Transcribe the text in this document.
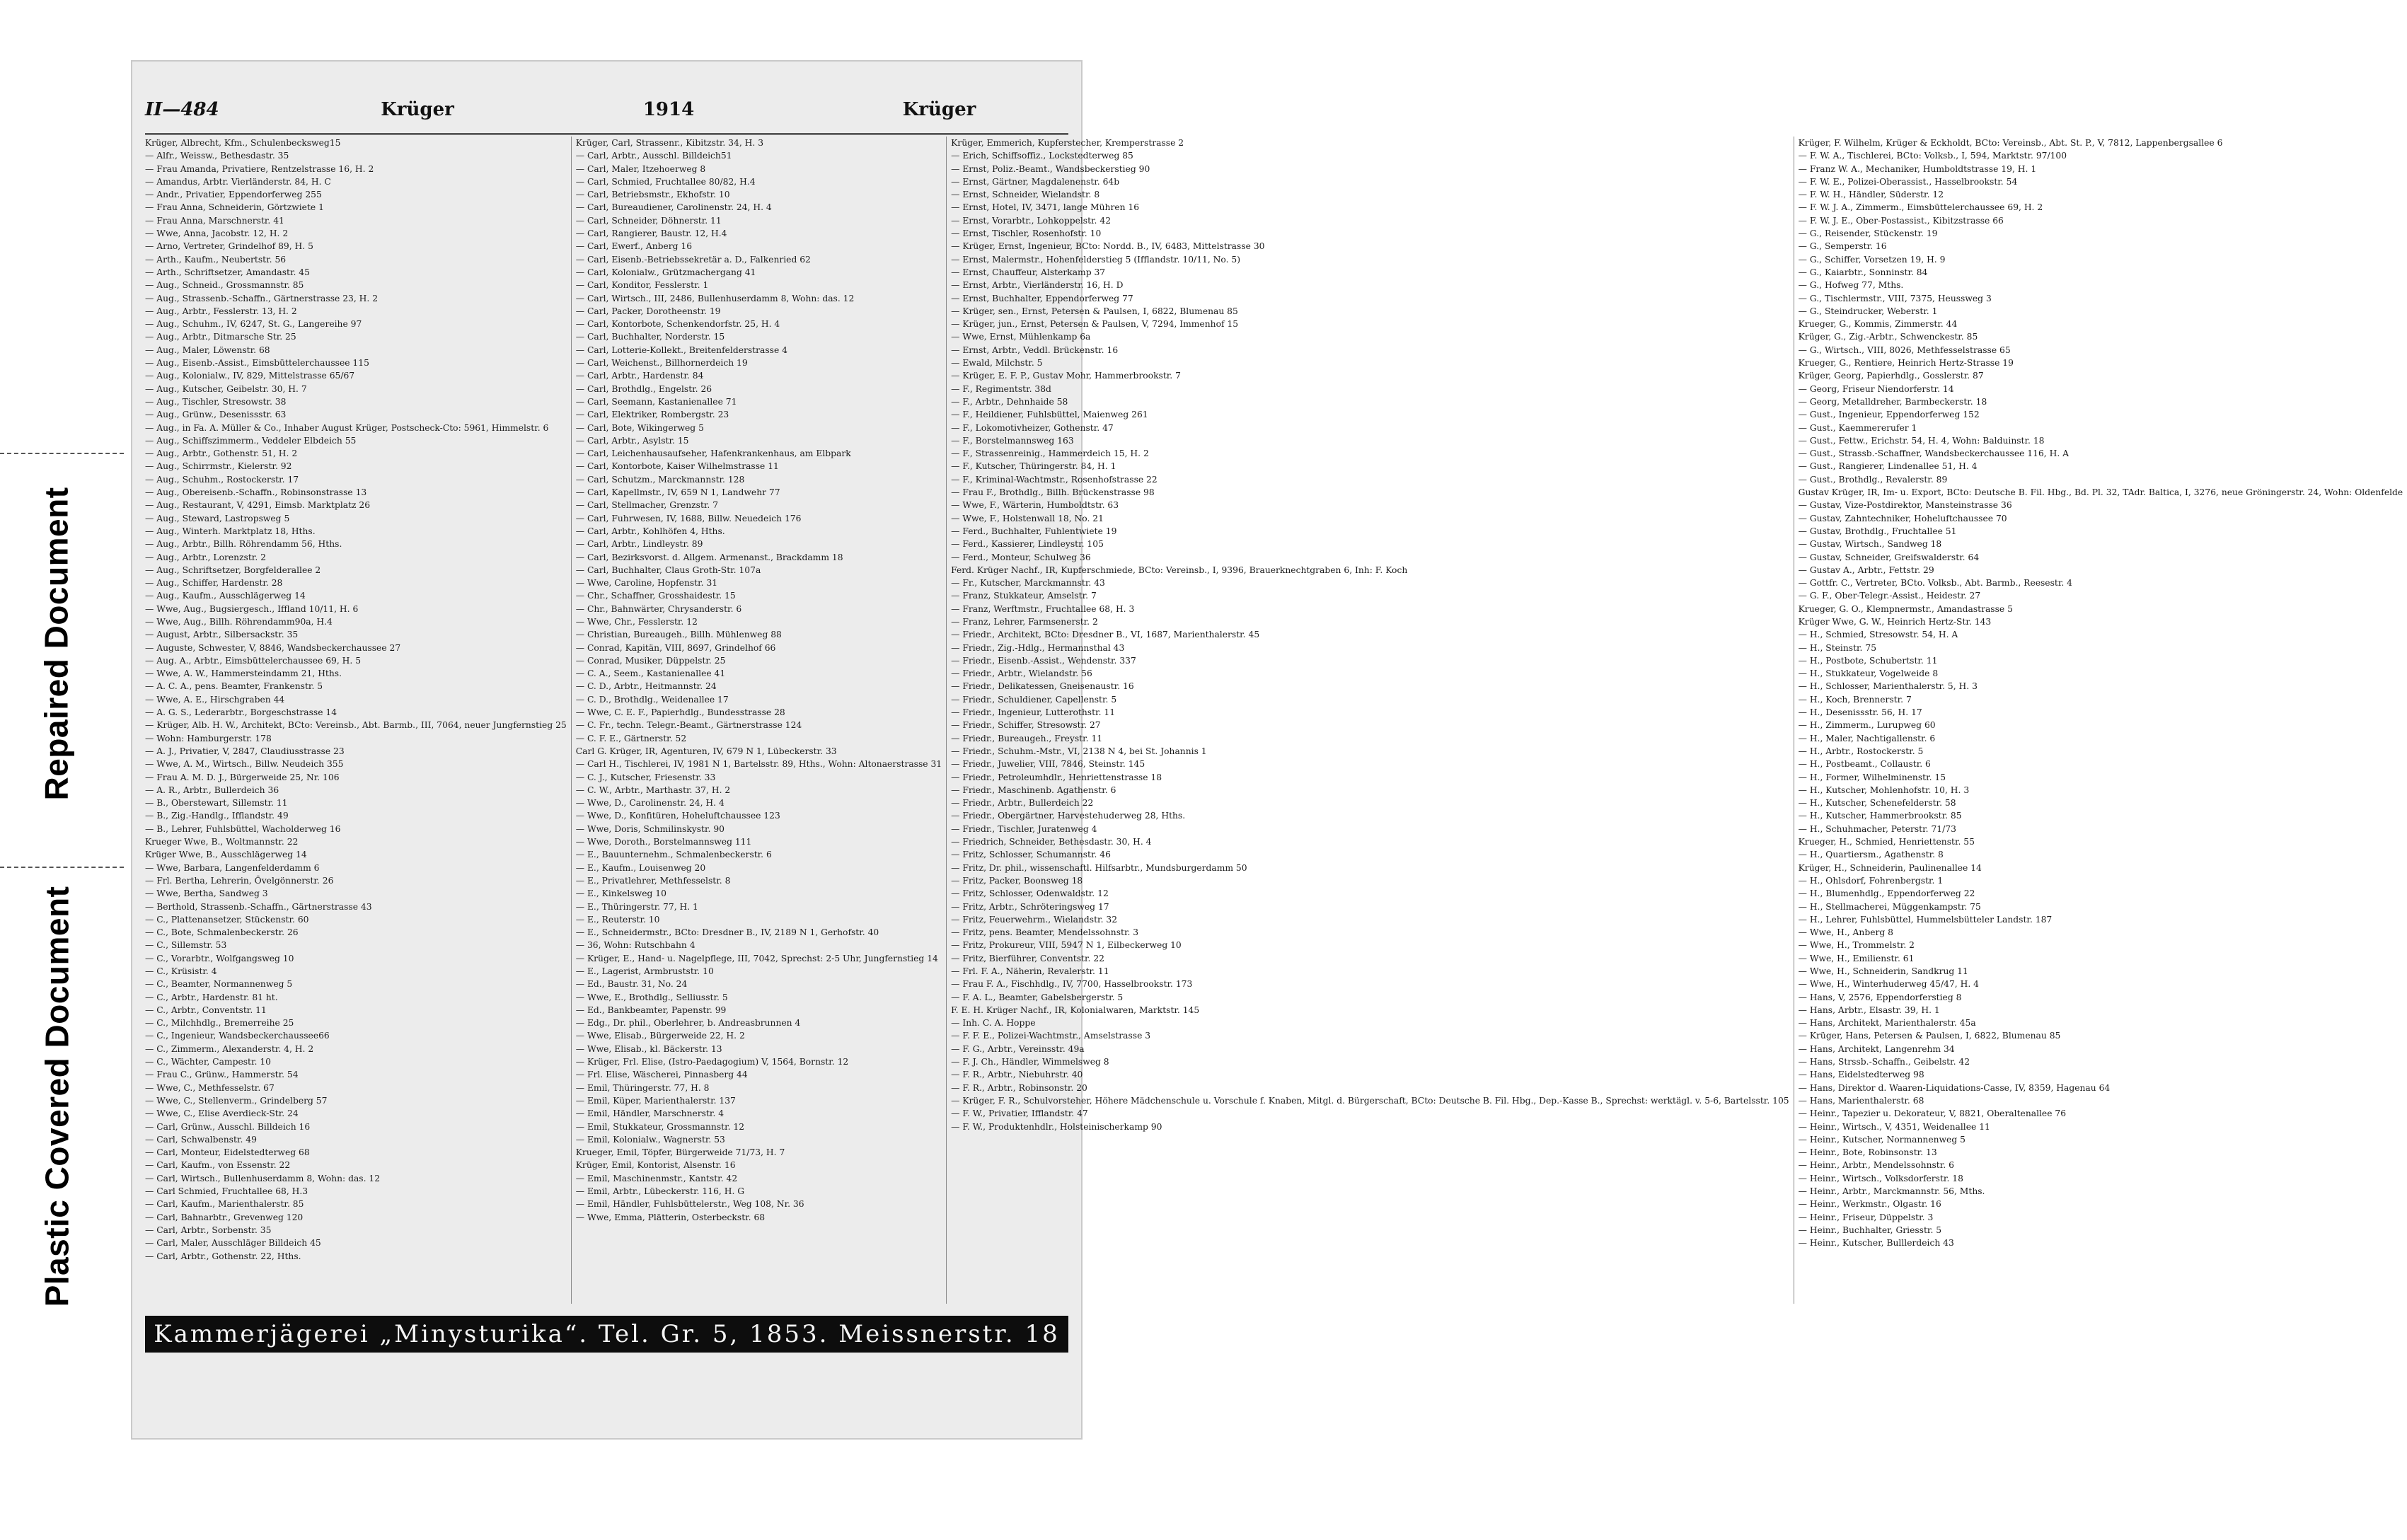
Repaired Document
Plastic Covered Document
II—484	Krüger	1914	Krüger
Krüger, Albrecht, Kfm., Schulenbecksweg15
— Alfr., Weissw., Bethesdastr. 35
— Frau Amanda, Privatiere, Rentzelstrasse 16, H. 2
— Amandus, Arbtr. Vierländerstr. 84, H. C
— Andr., Privatier, Eppendorferweg 255
— Frau Anna, Schneiderin, Görtzwiete 1
— Frau Anna, Marschnerstr. 41
— Wwe, Anna, Jacobstr. 12, H. 2
— Arno, Vertreter, Grindelhof 89, H. 5
— Arth., Kaufm., Neubertstr. 56
— Arth., Schriftsetzer, Amandastr. 45
— Aug., Schneid., Grossmannstr. 85
— Aug., Strassenb.-Schaffn., Gärtnerstrasse 23, H. 2
— Aug., Arbtr., Fesslerstr. 13, H. 2
— Aug., Schuhm., IV, 6247, St. G., Langereihe 97
— Aug., Arbtr., Ditmarsche Str. 25
— Aug., Maler, Löwenstr. 68
— Aug., Eisenb.-Assist., Eimsbüttelerchaussee 115
— Aug., Kolonialw., IV, 829, Mittelstrasse 65/67
— Aug., Kutscher, Geibelstr. 30, H. 7
— Aug., Tischler, Stresowstr. 38
— Aug., Grünw., Desenissstr. 63
— Aug., in Fa. A. Müller & Co., Inhaber August Krüger, Postscheck-Cto: 5961, Himmelstr. 6
— Aug., Schiffszimmerm., Veddeler Elbdeich 55
— Aug., Arbtr., Gothenstr. 51, H. 2
— Aug., Schirrmstr., Kielerstr. 92
— Aug., Schuhm., Rostockerstr. 17
— Aug., Obereisenb.-Schaffn., Robinsonstrasse 13
— Aug., Restaurant, V, 4291, Eimsb. Marktplatz 26
— Aug., Steward, Lastropsweg 5
— Aug., Winterh. Marktplatz 18, Hths.
— Aug., Arbtr., Billh. Röhrendamm 56, Hths.
— Aug., Arbtr., Lorenzstr. 2
— Aug., Schriftsetzer, Borgfelderallee 2
— Aug., Schiffer, Hardenstr. 28
— Aug., Kaufm., Ausschlägerweg 14
— Wwe, Aug., Bugsiergesch., Iffland 10/11, H. 6
— Wwe, Aug., Billh. Röhrendamm90a, H.4
— August, Arbtr., Silbersackstr. 35
— Auguste, Schwester, V, 8846, Wandsbeckerchaussee 27
— Aug. A., Arbtr., Eimsbüttelerchaussee 69, H. 5
— Wwe, A. W., Hammersteindamm 21, Hths.
— A. C. A., pens. Beamter, Frankenstr. 5
— Wwe, A. E., Hirschgraben 44
— A. G. S., Lederarbtr., Borgeschstrasse 14
— Krüger, Alb. H. W., Architekt, BCto: Vereinsb., Abt. Barmb., III, 7064, neuer Jungfernstieg 25
— Wohn: Hamburgerstr. 178
— A. J., Privatier, V, 2847, Claudiusstrasse 23
— Wwe, A. M., Wirtsch., Billw. Neudeich 355
— Frau A. M. D. J., Bürgerweide 25, Nr. 106
— A. R., Arbtr., Bullerdeich 36
— B., Oberstewart, Sillemstr. 11
— B., Zig.-Handlg., Ifflandstr. 49
— B., Lehrer, Fuhlsbüttel, Wacholderweg 16
Krueger Wwe, B., Woltmannstr. 22
Krüger Wwe, B., Ausschlägerweg 14
— Wwe, Barbara, Langenfelderdamm 6
— Frl. Bertha, Lehrerin, Övelgönnerstr. 26
— Wwe, Bertha, Sandweg 3
— Berthold, Strassenb.-Schaffn., Gärtnerstrasse 43
— C., Plattenansetzer, Stückenstr. 60
— C., Bote, Schmalenbeckerstr. 26
— C., Sillemstr. 53
— C., Vorarbtr., Wolfgangsweg 10
— C., Krüsistr. 4
— C., Beamter, Normannenweg 5
— C., Arbtr., Hardenstr. 81 ht.
— C., Arbtr., Conventstr. 11
— C., Milchhdlg., Bremerreihe 25
— C., Ingenieur, Wandsbeckerchaussee66
— C., Zimmerm., Alexanderstr. 4, H. 2
— C., Wächter, Campestr. 10
— Frau C., Grünw., Hammerstr. 54
— Wwe, C., Methfesselstr. 67
— Wwe, C., Stellenverm., Grindelberg 57
— Wwe, C., Elise Averdieck-Str. 24
— Carl, Grünw., Ausschl. Billdeich 16
— Carl, Schwalbenstr. 49
— Carl, Monteur, Eidelstedterweg 68
— Carl, Kaufm., von Essenstr. 22
— Carl, Wirtsch., Bullenhuserdamm 8, Wohn: das. 12
— Carl Schmied, Fruchtallee 68, H.3
— Carl, Kaufm., Marienthalerstr. 85
— Carl, Bahnarbtr., Grevenweg 120
— Carl, Arbtr., Sorbenstr. 35
— Carl, Maler, Ausschläger Billdeich 45
— Carl, Arbtr., Gothenstr. 22, Hths.
Krüger, Carl, Strassenr., Kibitzstr. 34, H. 3
— Carl, Arbtr., Ausschl. Billdeich51
— Carl, Maler, Itzehoerweg 8
— Carl, Schmied, Fruchtallee 80/82, H.4
— Carl, Betriebsmstr., Ekhofstr. 10
— Carl, Bureaudiener, Carolinenstr. 24, H. 4
— Carl, Schneider, Döhnerstr. 11
— Carl, Rangierer, Baustr. 12, H.4
— Carl, Ewerf., Anberg 16
— Carl, Eisenb.-Betriebssekretär a. D., Falkenried 62
— Carl, Kolonialw., Grützmachergang 41
— Carl, Konditor, Fesslerstr. 1
— Carl, Wirtsch., III, 2486, Bullenhuserdamm 8, Wohn: das. 12
— Carl, Packer, Dorotheenstr. 19
— Carl, Kontorbote, Schenkendorfstr. 25, H. 4
— Carl, Buchhalter, Norderstr. 15
— Carl, Lotterie-Kollekt., Breitenfelderstrasse 4
— Carl, Weichenst., Billhornerdeich 19
— Carl, Arbtr., Hardenstr. 84
— Carl, Brothdlg., Engelstr. 26
— Carl, Seemann, Kastanienallee 71
— Carl, Elektriker, Rombergstr. 23
— Carl, Bote, Wikingerweg 5
— Carl, Arbtr., Asylstr. 15
— Carl, Leichenhausaufseher, Hafenkrankenhaus, am Elbpark
— Carl, Kontorbote, Kaiser Wilhelmstrasse 11
— Carl, Schutzm., Marckmannstr. 128
— Carl, Kapellmstr., IV, 659 N 1, Landwehr 77
— Carl, Stellmacher, Grenzstr. 7
— Carl, Fuhrwesen, IV, 1688, Billw. Neuedeich 176
— Carl, Arbtr., Kohlhöfen 4, Hths.
— Carl, Arbtr., Lindleystr. 89
— Carl, Bezirksvorst. d. Allgem. Armenanst., Brackdamm 18
— Carl, Buchhalter, Claus Groth-Str. 107a
— Wwe, Caroline, Hopfenstr. 31
— Chr., Schaffner, Grosshaidestr. 15
— Chr., Bahnwärter, Chrysanderstr. 6
— Wwe, Chr., Fesslerstr. 12
— Christian, Bureaugeh., Billh. Mühlenweg 88
— Conrad, Kapitän, VIII, 8697, Grindelhof 66
— Conrad, Musiker, Düppelstr. 25
— C. A., Seem., Kastanienallee 41
— C. D., Arbtr., Heitmannstr. 24
— C. D., Brothdlg., Weidenallee 17
— Wwe, C. E. F., Papierhdlg., Bundesstrasse 28
— C. Fr., techn. Telegr.-Beamt., Gärtnerstrasse 124
— C. F. E., Gärtnerstr. 52
Carl G. Krüger, IR, Agenturen, IV, 679 N 1, Lübeckerstr. 33
— Carl H., Tischlerei, IV, 1981 N 1, Bartelsstr. 89, Hths., Wohn: Altonaerstrasse 31
— C. J., Kutscher, Friesenstr. 33
— C. W., Arbtr., Marthastr. 37, H. 2
— Wwe, D., Carolinenstr. 24, H. 4
— Wwe, D., Konfitüren, Hoheluftchaussee 123
— Wwe, Doris, Schmilinskystr. 90
— Wwe, Doroth., Borstelmannsweg 111
— E., Bauunternehm., Schmalenbeckerstr. 6
— E., Kaufm., Louisenweg 20
— E., Privatlehrer, Methfesselstr. 8
— E., Kinkelsweg 10
— E., Thüringerstr. 77, H. 1
— E., Reuterstr. 10
— E., Schneidermstr., BCto: Dresdner B., IV, 2189 N 1, Gerhofstr. 40
— 36, Wohn: Rutschbahn 4
— Krüger, E., Hand- u. Nagelpflege, III, 7042, Sprechst: 2-5 Uhr, Jungfernstieg 14
— E., Lagerist, Armbruststr. 10
— Ed., Baustr. 31, No. 24
— Wwe, E., Brothdlg., Selliusstr. 5
— Ed., Bankbeamter, Papenstr. 99
— Edg., Dr. phil., Oberlehrer, b. Andreasbrunnen 4
— Wwe, Elisab., Bürgerweide 22, H. 2
— Wwe, Elisab., kl. Bäckerstr. 13
— Krüger, Frl. Elise, (Istro-Paedagogium) V, 1564, Bornstr. 12
— Frl. Elise, Wäscherei, Pinnasberg 44
— Emil, Thüringerstr. 77, H. 8
— Emil, Küper, Marienthalerstr. 137
— Emil, Händler, Marschnerstr. 4
— Emil, Stukkateur, Grossmannstr. 12
— Emil, Kolonialw., Wagnerstr. 53
Krueger, Emil, Töpfer, Bürgerweide 71/73, H. 7
Krüger, Emil, Kontorist, Alsenstr. 16
— Emil, Maschinenmstr., Kantstr. 42
— Emil, Arbtr., Lübeckerstr. 116, H. G
— Emil, Händler, Fuhlsbüttelerstr., Weg 108, Nr. 36
— Wwe, Emma, Plätterin, Osterbeckstr. 68
Krüger, Emmerich, Kupferstecher, Kremperstrasse 2
— Erich, Schiffsoffiz., Lockstedterweg 85
— Ernst, Poliz.-Beamt., Wandsbeckerstieg 90
— Ernst, Gärtner, Magdalenenstr. 64b
— Ernst, Schneider, Wielandstr. 8
— Ernst, Hotel, IV, 3471, lange Mühren 16
— Ernst, Vorarbtr., Lohkoppelstr. 42
— Ernst, Tischler, Rosenhofstr. 10
— Krüger, Ernst, Ingenieur, BCto: Nordd. B., IV, 6483, Mittelstrasse 30
— Ernst, Malermstr., Hohenfelderstieg 5 (Ifflandstr. 10/11, No. 5)
— Ernst, Chauffeur, Alsterkamp 37
— Ernst, Arbtr., Vierländerstr. 16, H. D
— Ernst, Buchhalter, Eppendorferweg 77
— Krüger, sen., Ernst, Petersen & Paulsen, I, 6822, Blumenau 85
— Krüger, jun., Ernst, Petersen & Paulsen, V, 7294, Immenhof 15
— Wwe, Ernst, Mühlenkamp 6a
— Ernst, Arbtr., Veddl. Brückenstr. 16
— Ewald, Milchstr. 5
— Krüger, E. F. P., Gustav Mohr, Hammerbrookstr. 7
— F., Regimentstr. 38d
— F., Arbtr., Dehnhaide 58
— F., Heildiener, Fuhlsbüttel, Maienweg 261
— F., Lokomotivheizer, Gothenstr. 47
— F., Borstelmannsweg 163
— F., Strassenreinig., Hammerdeich 15, H. 2
— F., Kutscher, Thüringerstr. 84, H. 1
— F., Kriminal-Wachtmstr., Rosenhofstrasse 22
— Frau F., Brothdlg., Billh. Brückenstrasse 98
— Wwe, F., Wärterin, Humboldtstr. 63
— Wwe, F., Holstenwall 18, No. 21
— Ferd., Buchhalter, Fuhlentwiete 19
— Ferd., Kassierer, Lindleystr. 105
— Ferd., Monteur, Schulweg 36
Ferd. Krüger Nachf., IR, Kupferschmiede, BCto: Vereinsb., I, 9396, Brauerknechtgraben 6, Inh: F. Koch
— Fr., Kutscher, Marckmannstr. 43
— Franz, Stukkateur, Amselstr. 7
— Franz, Werftmstr., Fruchtallee 68, H. 3
— Franz, Lehrer, Farmsenerstr. 2
— Friedr., Architekt, BCto: Dresdner B., VI, 1687, Marienthalerstr. 45
— Friedr., Zig.-Hdlg., Hermannsthal 43
— Friedr., Eisenb.-Assist., Wendenstr. 337
— Friedr., Arbtr., Wielandstr. 56
— Friedr., Delikatessen, Gneisenaustr. 16
— Friedr., Schuldiener, Capellenstr. 5
— Friedr., Ingenieur, Lutterothstr. 11
— Friedr., Schiffer, Stresowstr. 27
— Friedr., Bureaugeh., Freystr. 11
— Friedr., Schuhm.-Mstr., VI, 2138 N 4, bei St. Johannis 1
— Friedr., Juwelier, VIII, 7846, Steinstr. 145
— Friedr., Petroleumhdlr., Henriettenstrasse 18
— Friedr., Maschinenb. Agathenstr. 6
— Friedr., Arbtr., Bullerdeich 22
— Friedr., Obergärtner, Harvestehuderweg 28, Hths.
— Friedr., Tischler, Juratenweg 4
— Friedrich, Schneider, Bethesdastr. 30, H. 4
— Fritz, Schlosser, Schumannstr. 46
— Fritz, Dr. phil., wissenschaftl. Hilfsarbtr., Mundsburgerdamm 50
— Fritz, Packer, Boonsweg 18
— Fritz, Schlosser, Odenwaldstr. 12
— Fritz, Arbtr., Schröteringsweg 17
— Fritz, Feuerwehrm., Wielandstr. 32
— Fritz, pens. Beamter, Mendelssohnstr. 3
— Fritz, Prokureur, VIII, 5947 N 1, Eilbeckerweg 10
— Fritz, Bierführer, Conventstr. 22
— Frl. F. A., Näherin, Revalerstr. 11
— Frau F. A., Fischhdlg., IV, 7700, Hasselbrookstr. 173
— F. A. L., Beamter, Gabelsbergerstr. 5
F. E. H. Krüger Nachf., IR, Kolonialwaren, Marktstr. 145
— Inh. C. A. Hoppe
— F. F. E., Polizei-Wachtmstr., Amselstrasse 3
— F. G., Arbtr., Vereinsstr. 49a
— F. J. Ch., Händler, Wimmelsweg 8
— F. R., Arbtr., Niebuhrstr. 40
— F. R., Arbtr., Robinsonstr. 20
— Krüger, F. R., Schulvorsteher, Höhere Mädchenschule u. Vorschule f. Knaben, Mitgl. d. Bürgerschaft, BCto: Deutsche B. Fil. Hbg., Dep.-Kasse B., Sprechst: werktägl. v. 5-6, Bartelsstr. 105
— F. W., Privatier, Ifflandstr. 47
— F. W., Produktenhdlr., Holsteinischerkamp 90
Krüger, F. Wilhelm, Krüger & Eckholdt, BCto: Vereinsb., Abt. St. P., V, 7812, Lappenbergsallee 6
— F. W. A., Tischlerei, BCto: Volksb., I, 594, Marktstr. 97/100
— Franz W. A., Mechaniker, Humboldtstrasse 19, H. 1
— F. W. E., Polizei-Oberassist., Hasselbrookstr. 54
— F. W. H., Händler, Süderstr. 12
— F. W. J. A., Zimmerm., Eimsbüttelerchaussee 69, H. 2
— F. W. J. E., Ober-Postassist., Kibitzstrasse 66
— G., Reisender, Stückenstr. 19
— G., Semperstr. 16
— G., Schiffer, Vorsetzen 19, H. 9
— G., Kaiarbtr., Sonninstr. 84
— G., Hofweg 77, Mths.
— G., Tischlermstr., VIII, 7375, Heussweg 3
— G., Steindrucker, Weberstr. 1
Krueger, G., Kommis, Zimmerstr. 44
Krüger, G., Zig.-Arbtr., Schwenckestr. 85
— G., Wirtsch., VIII, 8026, Methfesselstrasse 65
Krueger, G., Rentiere, Heinrich Hertz-Strasse 19
Krüger, Georg, Papierhdlg., Gosslerstr. 87
— Georg, Friseur Niendorferstr. 14
— Georg, Metalldreher, Barmbeckerstr. 18
— Gust., Ingenieur, Eppendorferweg 152
— Gust., Kaemmererufer 1
— Gust., Fettw., Erichstr. 54, H. 4, Wohn: Balduinstr. 18
— Gust., Strassb.-Schaffner, Wandsbeckerchaussee 116, H. A
— Gust., Rangierer, Lindenallee 51, H. 4
— Gust., Brothdlg., Revalerstr. 89
Gustav Krüger, IR, Im- u. Export, BCto: Deutsche B. Fil. Hbg., Bd. Pl. 32, TAdr. Baltica, I, 3276, neue Gröningerstr. 24, Wohn: Oldenfelde
— Gustav, Vize-Postdirektor, Mansteinstrasse 36
— Gustav, Zahntechniker, Hoheluftchaussee 70
— Gustav, Brothdlg., Fruchtallee 51
— Gustav, Wirtsch., Sandweg 18
— Gustav, Schneider, Greifswalderstr. 64
— Gustav A., Arbtr., Fettstr. 29
— Gottfr. C., Vertreter, BCto. Volksb., Abt. Barmb., Reesestr. 4
— G. F., Ober-Telegr.-Assist., Heidestr. 27
Krueger, G. O., Klempnermstr., Amandastrasse 5
Krüger Wwe, G. W., Heinrich Hertz-Str. 143
— H., Schmied, Stresowstr. 54, H. A
— H., Steinstr. 75
— H., Postbote, Schubertstr. 11
— H., Stukkateur, Vogelweide 8
— H., Schlosser, Marienthalerstr. 5, H. 3
— H., Koch, Brennerstr. 7
— H., Desenissstr. 56, H. 17
— H., Zimmerm., Lurupweg 60
— H., Maler, Nachtigallenstr. 6
— H., Arbtr., Rostockerstr. 5
— H., Postbeamt., Collaustr. 6
— H., Former, Wilhelminenstr. 15
— H., Kutscher, Mohlenhofstr. 10, H. 3
— H., Kutscher, Schenefelderstr. 58
— H., Kutscher, Hammerbrookstr. 85
— H., Schuhmacher, Peterstr. 71/73
Krueger, H., Schmied, Henriettenstr. 55
— H., Quartiersm., Agathenstr. 8
Krüger, H., Schneiderin, Paulinenallee 14
— H., Ohlsdorf, Fohrenbergstr. 1
— H., Blumenhdlg., Eppendorferweg 22
— H., Stellmacherei, Müggenkampstr. 75
— H., Lehrer, Fuhlsbüttel, Hummelsbütteler Landstr. 187
— Wwe, H., Anberg 8
— Wwe, H., Trommelstr. 2
— Wwe, H., Emilienstr. 61
— Wwe, H., Schneiderin, Sandkrug 11
— Wwe, H., Winterhuderweg 45/47, H. 4
— Hans, V, 2576, Eppendorferstieg 8
— Hans, Arbtr., Elsastr. 39, H. 1
— Hans, Architekt, Marienthalerstr. 45a
— Krüger, Hans, Petersen & Paulsen, I, 6822, Blumenau 85
— Hans, Architekt, Langenrehm 34
— Hans, Strssb.-Schaffn., Geibelstr. 42
— Hans, Eidelstedterweg 98
— Hans, Direktor d. Waaren-Liquidations-Casse, IV, 8359, Hagenau 64
— Hans, Marienthalerstr. 68
— Heinr., Tapezier u. Dekorateur, V, 8821, Oberaltenallee 76
— Heinr., Wirtsch., V, 4351, Weidenallee 11
— Heinr., Kutscher, Normannenweg 5
— Heinr., Bote, Robinsonstr. 13
— Heinr., Arbtr., Mendelssohnstr. 6
— Heinr., Wirtsch., Volksdorferstr. 18
— Heinr., Arbtr., Marckmannstr. 56, Mths.
— Heinr., Werkmstr., Olgastr. 16
— Heinr., Friseur, Düppelstr. 3
— Heinr., Buchhalter, Griesstr. 5
— Heinr., Kutscher, Bulllerdeich 43
Kammerjägerei „Minysturika“. Tel. Gr. 5, 1853. Meissnerstr. 18
